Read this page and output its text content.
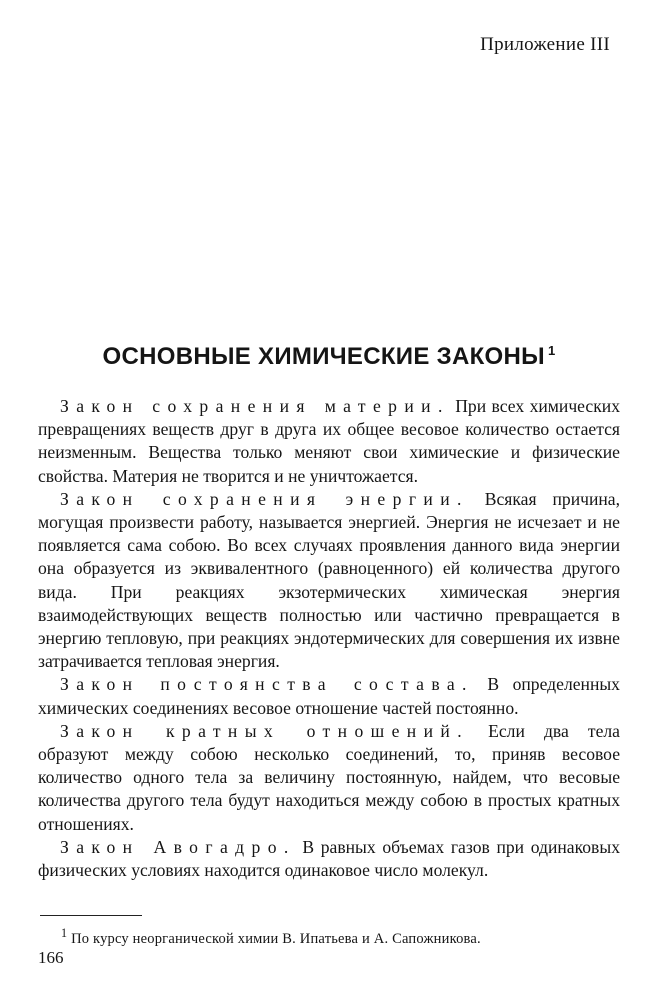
Приложение III
ОСНОВНЫЕ ХИМИЧЕСКИЕ ЗАКОНЫ $^1$

Закон сохранения материи. При всех химических превращениях веществ друг в друга их общее весовое количество остается неизменным. Вещества только меняют свои химические и физические свойства. Материя не творится и не уничтожается.

Закон сохранения энергии. Всякая причина, могущая произвести работу, называется энергией. Энергия не исчезает и не появляется сама собою. Во всех случаях проявления данного вида энергии она образуется из эквивалентного (равноценного) ей количества другого вида. При реакциях экзотермических химическая энергия взаимодействующих веществ полностью или частично превращается в энергию тепловую, при реакциях эндотермических для совершения их извне затрачивается тепловая энергия.

Закон постоянства состава. В определенных химических соединениях весовое отношение частей постоянно.

Закон кратных отношений. Если два тела образуют между собою несколько соединений, то, приняв весовое количество одного тела за величину постоянную, найдем, что весовые количества другого тела будут находиться между собою в простых кратных отношениях.

Закон Авогадро. В равных объемах газов при одинаковых физических условиях находится одинаковое число молекул.

$^1$ По курсу неорганической химии В. Ипатьева и А. Сапожникова.
166
